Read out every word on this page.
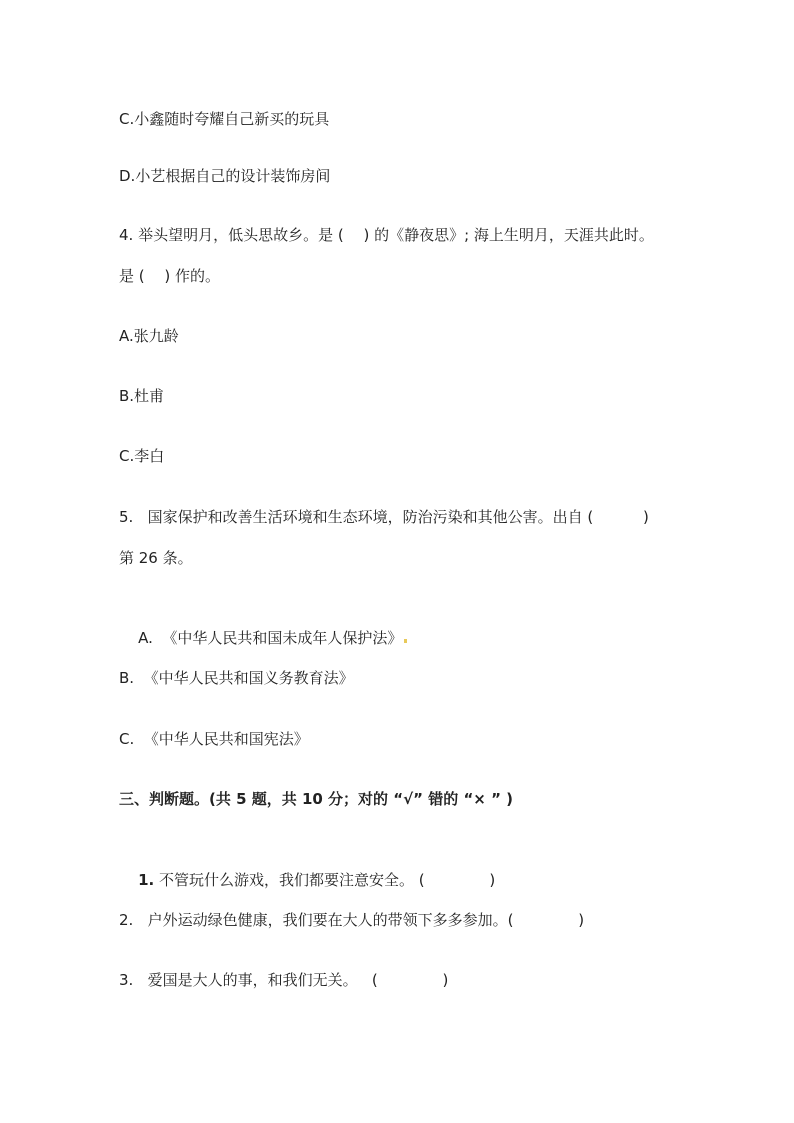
C.小鑫随时夸耀自己新买的玩具
D.小艺根据自己的设计装饰房间
4. 举头望明月，低头思故乡。是 (　 ) 的《静夜思》; 海上生明月，天涯共此时。
是 (　 ) 作的。
A.张九龄
B.杜甫
C.李白
5.   国家保护和改善生活环境和生态环境，防治污染和其他公害。出自 (　　　 )
第 26 条。

A.  《中华人民共和国未成年人保护法》

B.  《中华人民共和国义务教育法》
C.  《中华人民共和国宪法》
三、判断题。(共 5 题，共 10 分；对的 “√” 错的 “× ” )

1. 不管玩什么游戏，我们都要注意安全。 (　　　　 )

2.   户外运动绿色健康，我们要在大人的带领下多多参加。(　　　　 )
3.   爱国是大人的事，和我们无关。   (　　　　 )
